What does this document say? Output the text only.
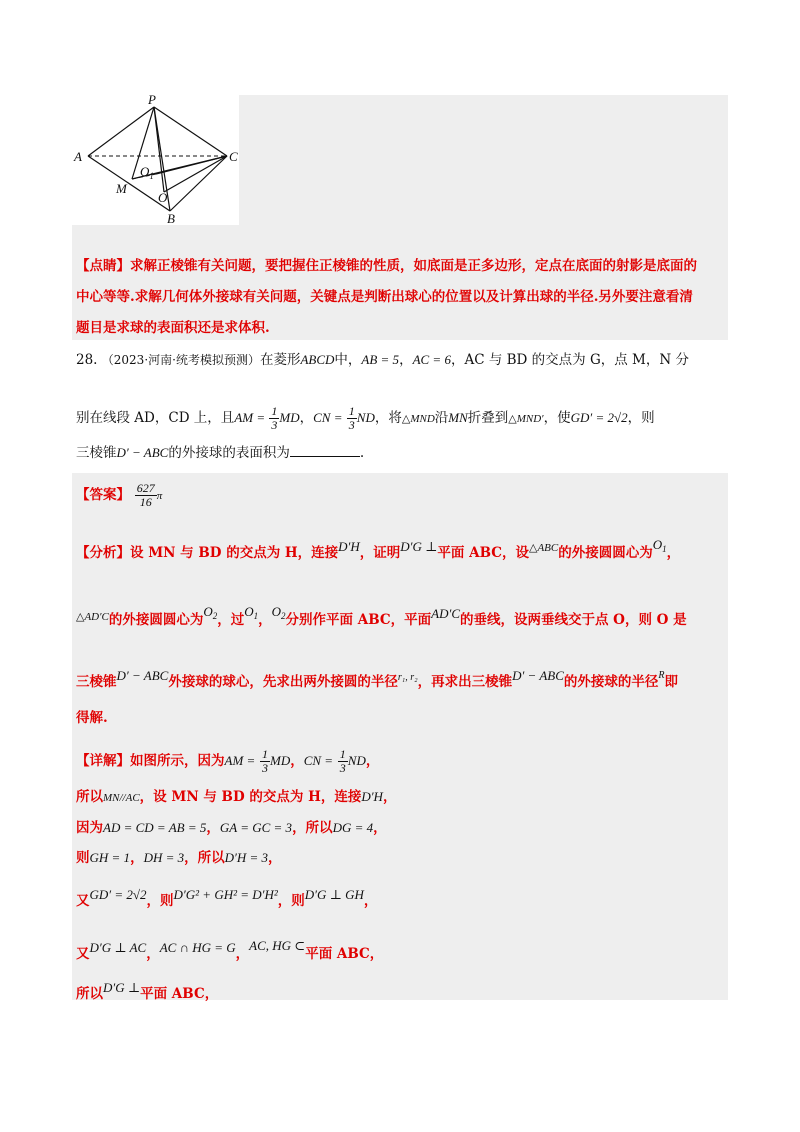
P
A	C
M
$O_1$
O
B
【点睛】求解正棱锥有关问题，要把握住正棱锥的性质，如底面是正多边形，定点在底面的射影是底面的
中心等等.求解几何体外接球有关问题，关键点是判断出球心的位置以及计算出球的半径.另外要注意看清
题目是求球的表面积还是求体积.
28. （2023·河南·统考模拟预测）在菱形ABCD中，AB = 5，AC = 6，AC 与 BD 的交点为 G，点 M，N 分
别在线段 AD，CD 上，且AM = $\frac{1}{3}$ MD，CN = $\frac{1}{3}$ ND，将△MND沿MN折叠到△MND′，使GD′ = 2√2，则
三棱锥D′ − ABC的外接球的表面积为	.
【答案】 $\frac{627}{16}$ π
【分析】设 MN 与 BD 的交点为 H，连接D′H，证明D′G ⊥平面 ABC，设$^{\triangle ABC}$的外接圆圆心为$O_1$，
$^{\triangle AD'C}$的外接圆圆心为$O_2$，过$O_1$，$O_2$分别作平面 ABC，平面AD′C的垂线，设两垂线交于点 O，则 O 是
三棱锥D′ − ABC外接球的球心，先求出两外接圆的半径$^{r_1, r_2}$，再求出三棱锥D′ − ABC的外接球的半径$^R$即
得解.
【详解】如图所示，因为AM = $\frac{1}{3}$ MD，CN = $\frac{1}{3}$ ND，
所以MN//AC，设 MN 与 BD 的交点为 H，连接D′H，
因为AD = CD = AB = 5，GA = GC = 3，所以DG = 4，
则GH = 1，DH = 3，所以D′H = 3，
又GD′ = 2√2，则D′G² + GH² = D′H²，则D′G ⊥ GH，
又D′G ⊥ AC，AC ∩ HG = G，AC, HG ⊂平面 ABC，
所以D′G ⊥平面 ABC，
